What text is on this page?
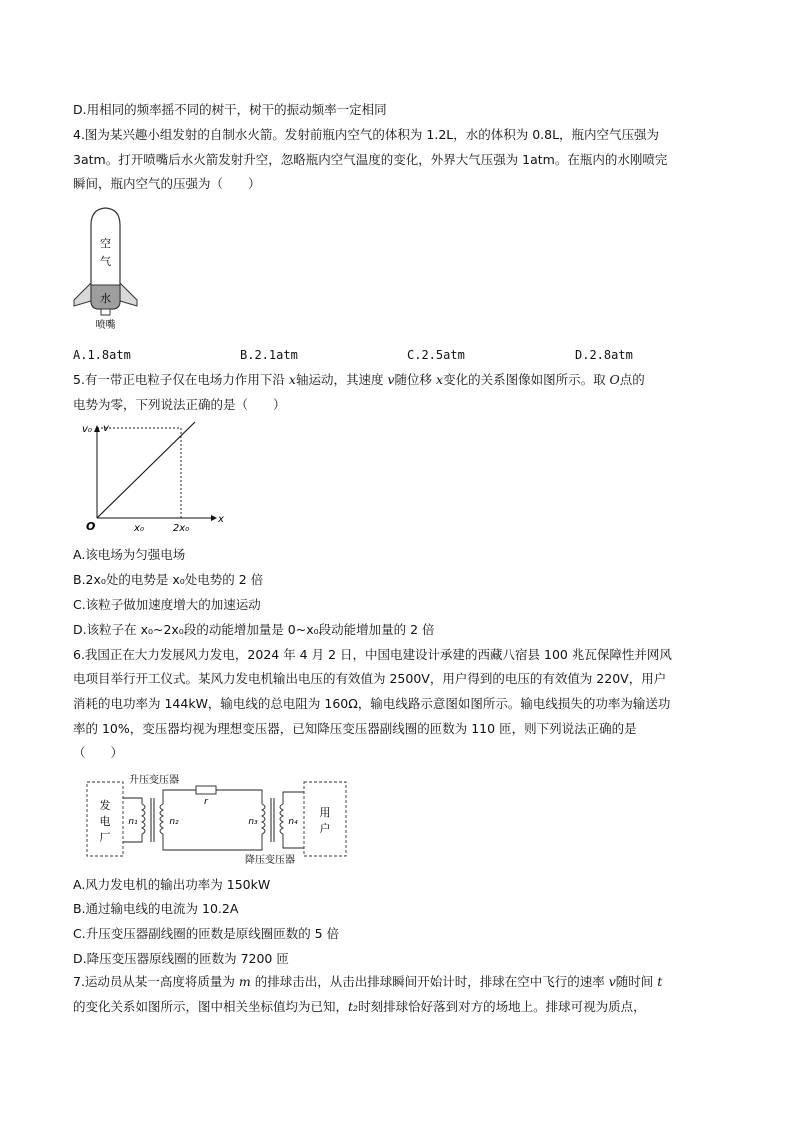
D.用相同的频率摇不同的树干，树干的振动频率一定相同
4.图为某兴趣小组发射的自制水火箭。发射前瓶内空气的体积为 1.2L，水的体积为 0.8L，瓶内空气压强为
3atm。打开喷嘴后水火箭发射升空，忽略瓶内空气温度的变化，外界大气压强为 1atm。在瓶内的水刚喷完
瞬间，瓶内空气的压强为（　　）
空
气
水
喷嘴
A.1.8atm	B.2.1atm	C.2.5atm	D.2.8atm
5.有一带正电粒子仅在电场力作用下沿 x轴运动，其速度 v随位移 x变化的关系图像如图所示。取 O点的
电势为零，下列说法正确的是（　　）
v
v₀
x
O	x₀	2x₀
A.该电场为匀强电场
B.2x₀处的电势是 x₀处电势的 2 倍
C.该粒子做加速度增大的加速运动
D.该粒子在 x₀~2x₀段的动能增加量是 0~x₀段动能增加量的 2 倍
6.我国正在大力发展风力发电，2024 年 4 月 2 日，中国电建设计承建的西藏八宿县 100 兆瓦保障性并网风
电项目举行开工仪式。某风力发电机输出电压的有效值为 2500V，用户得到的电压的有效值为 220V，用户
消耗的电功率为 144kW，输电线的总电阻为 160Ω，输电线路示意图如图所示。输电线损失的功率为输送功
率的 10%，变压器均视为理想变压器，已知降压变压器副线圈的匝数为 110 匝，则下列说法正确的是
（　　）
发
电
厂
n₁	n₂
升压变压器
r
n₃	n₄
降压变压器
用
户
A.风力发电机的输出功率为 150kW
B.通过输电线的电流为 10.2A
C.升压变压器副线圈的匝数是原线圈匝数的 5 倍
D.降压变压器原线圈的匝数为 7200 匝
7.运动员从某一高度将质量为 m 的排球击出，从击出排球瞬间开始计时，排球在空中飞行的速率 v随时间 t
的变化关系如图所示，图中相关坐标值均为已知，t₂时刻排球恰好落到对方的场地上。排球可视为质点，
